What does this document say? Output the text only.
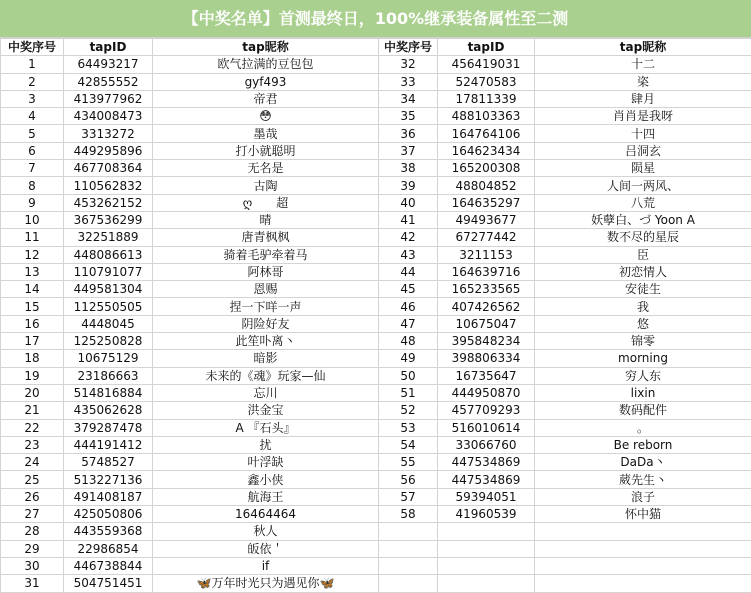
【中奖名单】首测最终日，100%继承装备属性至二测
中奖序号	tapID	tap昵称	中奖序号	tapID	tap昵称
1	64493217	欧气拉满的豆包包	32	456419031	十二
2	42855552	gyf493	33	52470583	栥
3	413977962	帝君	34	17811339	肆月
4	434008473	😳	35	488103363	肖肖是我呀
5	3313272	墨哉	36	164764106	十四
6	449295896	打小就聪明	37	164623434	吕洞玄
7	467708364	无名是	38	165200308	陨星
8	110562832	古陶	39	48804852	人间一两风、
9	453262152	ღ　　超	40	164635297	八荒
10	367536299	晴	41	49493677	妖孽白、づ Yoon A
11	32251889	唐青枫枫	42	67277442	数不尽的星辰
12	448086613	骑着毛驴牵着马	43	3211153	臣
13	110791077	阿林哥	44	164639716	初恋情人
14	449581304	恩赐	45	165233565	安徒生
15	112550505	捏一下咩一声	46	407426562	我
16	4448045	阴险好友	47	10675047	悠
17	125250828	此笙卟离丶	48	395848234	锦零
18	10675129	暗影	49	398806334	morning
19	23186663	未来的《魂》玩家—仙	50	16735647	穷人东
20	514816884	忘川	51	444950870	lixin
21	435062628	洪金宝	52	457709293	数码配件
22	379287478	A 『石头』	53	516010614	。
23	444191412	扰	54	33066760	Be reborn
24	5748527	叶浮缺	55	447534869	DaDa丶
25	513227136	鑫小侠	56	447534869	葳先生丶
26	491408187	航海王	57	59394051	浪子
27	425050806	16464464	58	41960539	怀中猫
28	443559368	秋人			
29	22986854	皈依＇			
30	446738844	if			
31	504751451	🦋万年时光只为遇见你🦋			
